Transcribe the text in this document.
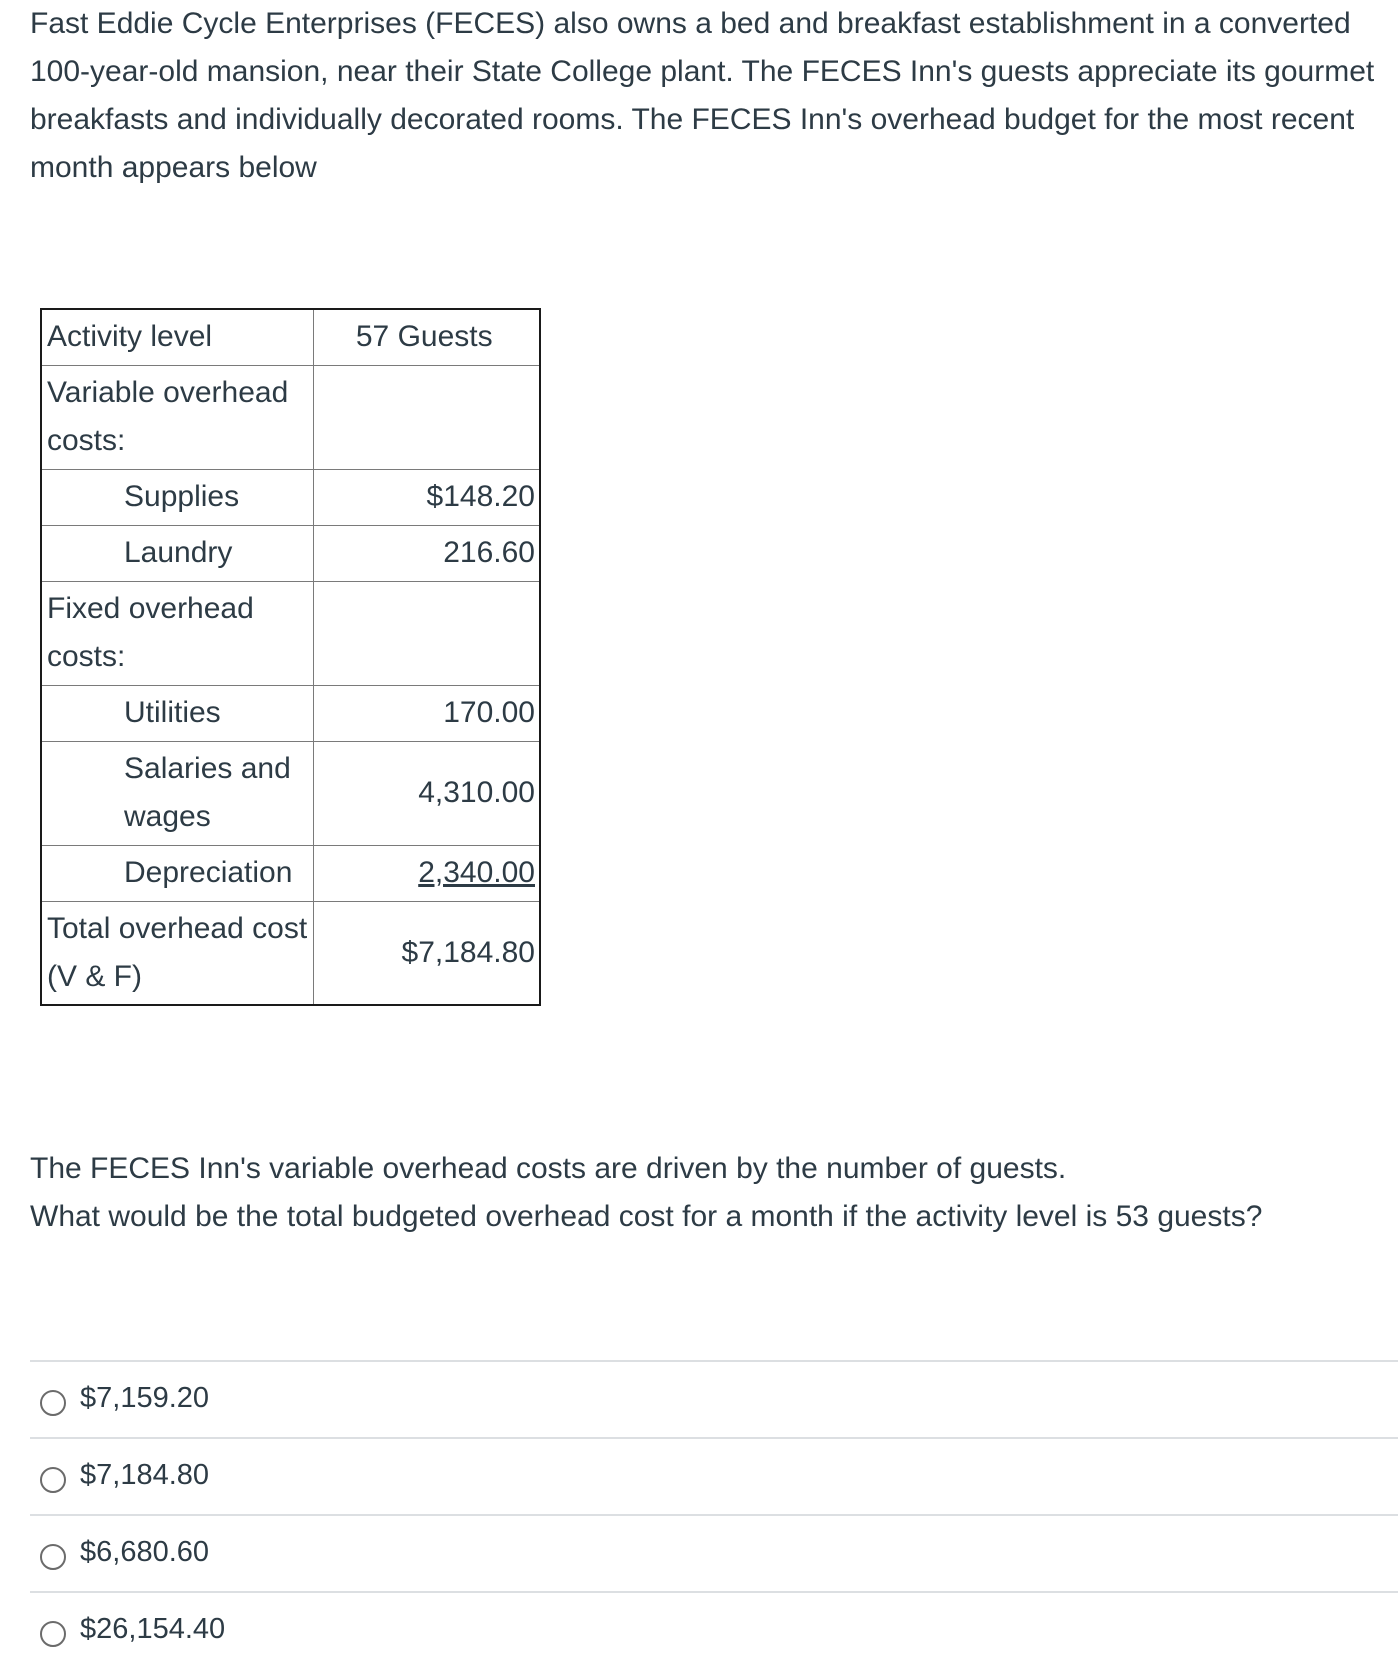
Fast Eddie Cycle Enterprises (FECES) also owns a bed and breakfast establishment in a converted 100-year-old mansion, near their State College plant. The FECES Inn's guests appreciate its gourmet breakfasts and individually decorated rooms. The FECES Inn's overhead budget for the most recent month appears below

Activity level	57 Guests
Variable overhead costs:	
Supplies	$148.20
Laundry	216.60
Fixed overhead costs:	
Utilities	170.00
Salaries and wages	4,310.00
Depreciation	2,340.00
Total overhead cost (V & F)	$7,184.80
The FECES Inn's variable overhead costs are driven by the number of guests.
What would be the total budgeted overhead cost for a month if the activity level is 53 guests?
$7,159.20
$7,184.80
$6,680.60
$26,154.40
